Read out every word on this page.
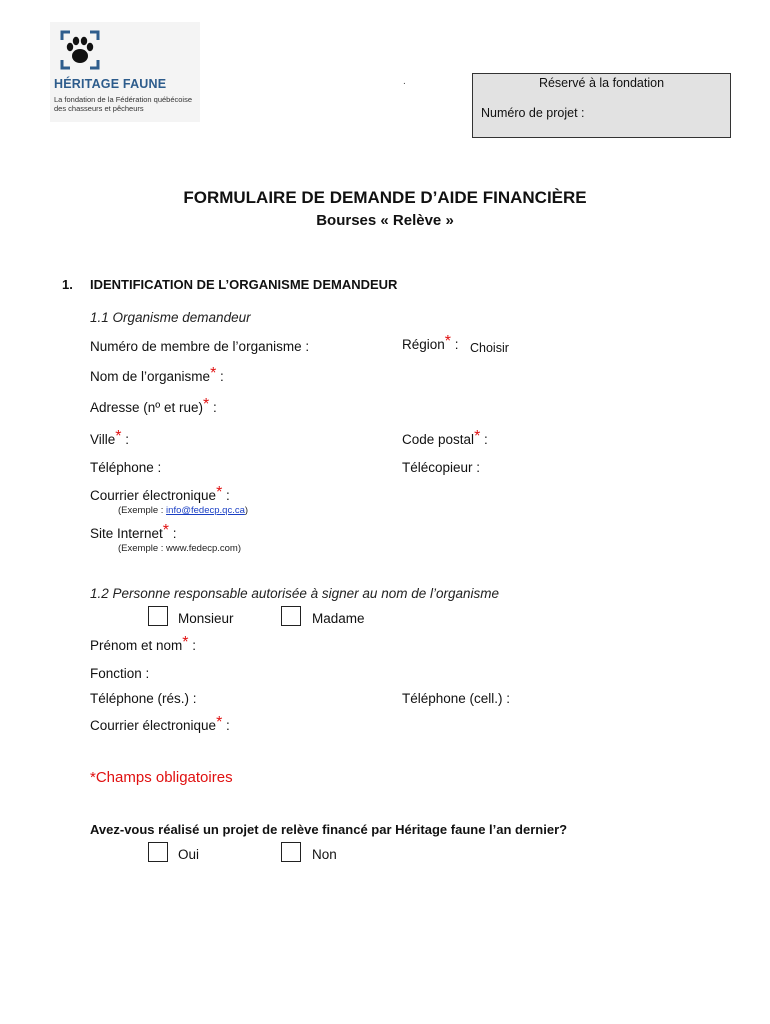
HÉRITAGE FAUNE
La fondation de la Fédération québécoise
des chasseurs et pêcheurs
.	Réservé à la fondation
Numéro de projet :
FORMULAIRE DE DEMANDE D’AIDE FINANCIÈRE
Bourses « Relève »
1. IDENTIFICATION DE L’ORGANISME DEMANDEUR
1.1 Organisme demandeur
Numéro de membre de l’organisme :	Région* : Choisir
Nom de l’organisme* :
Adresse (nº et rue)* :
Ville* :	Code postal* :
Téléphone :	Télécopieur :
Courrier électronique* :
(Exemple : info@fedecp.qc.ca)
Site Internet* :
(Exemple : www.fedecp.com)
1.2 Personne responsable autorisée à signer au nom de l’organisme
Monsieur	Madame
Prénom et nom* :
Fonction :
Téléphone (rés.) :	Téléphone (cell.) :
Courrier électronique* :
*Champs obligatoires
Avez-vous réalisé un projet de relève financé par Héritage faune l’an dernier?
Oui	Non
